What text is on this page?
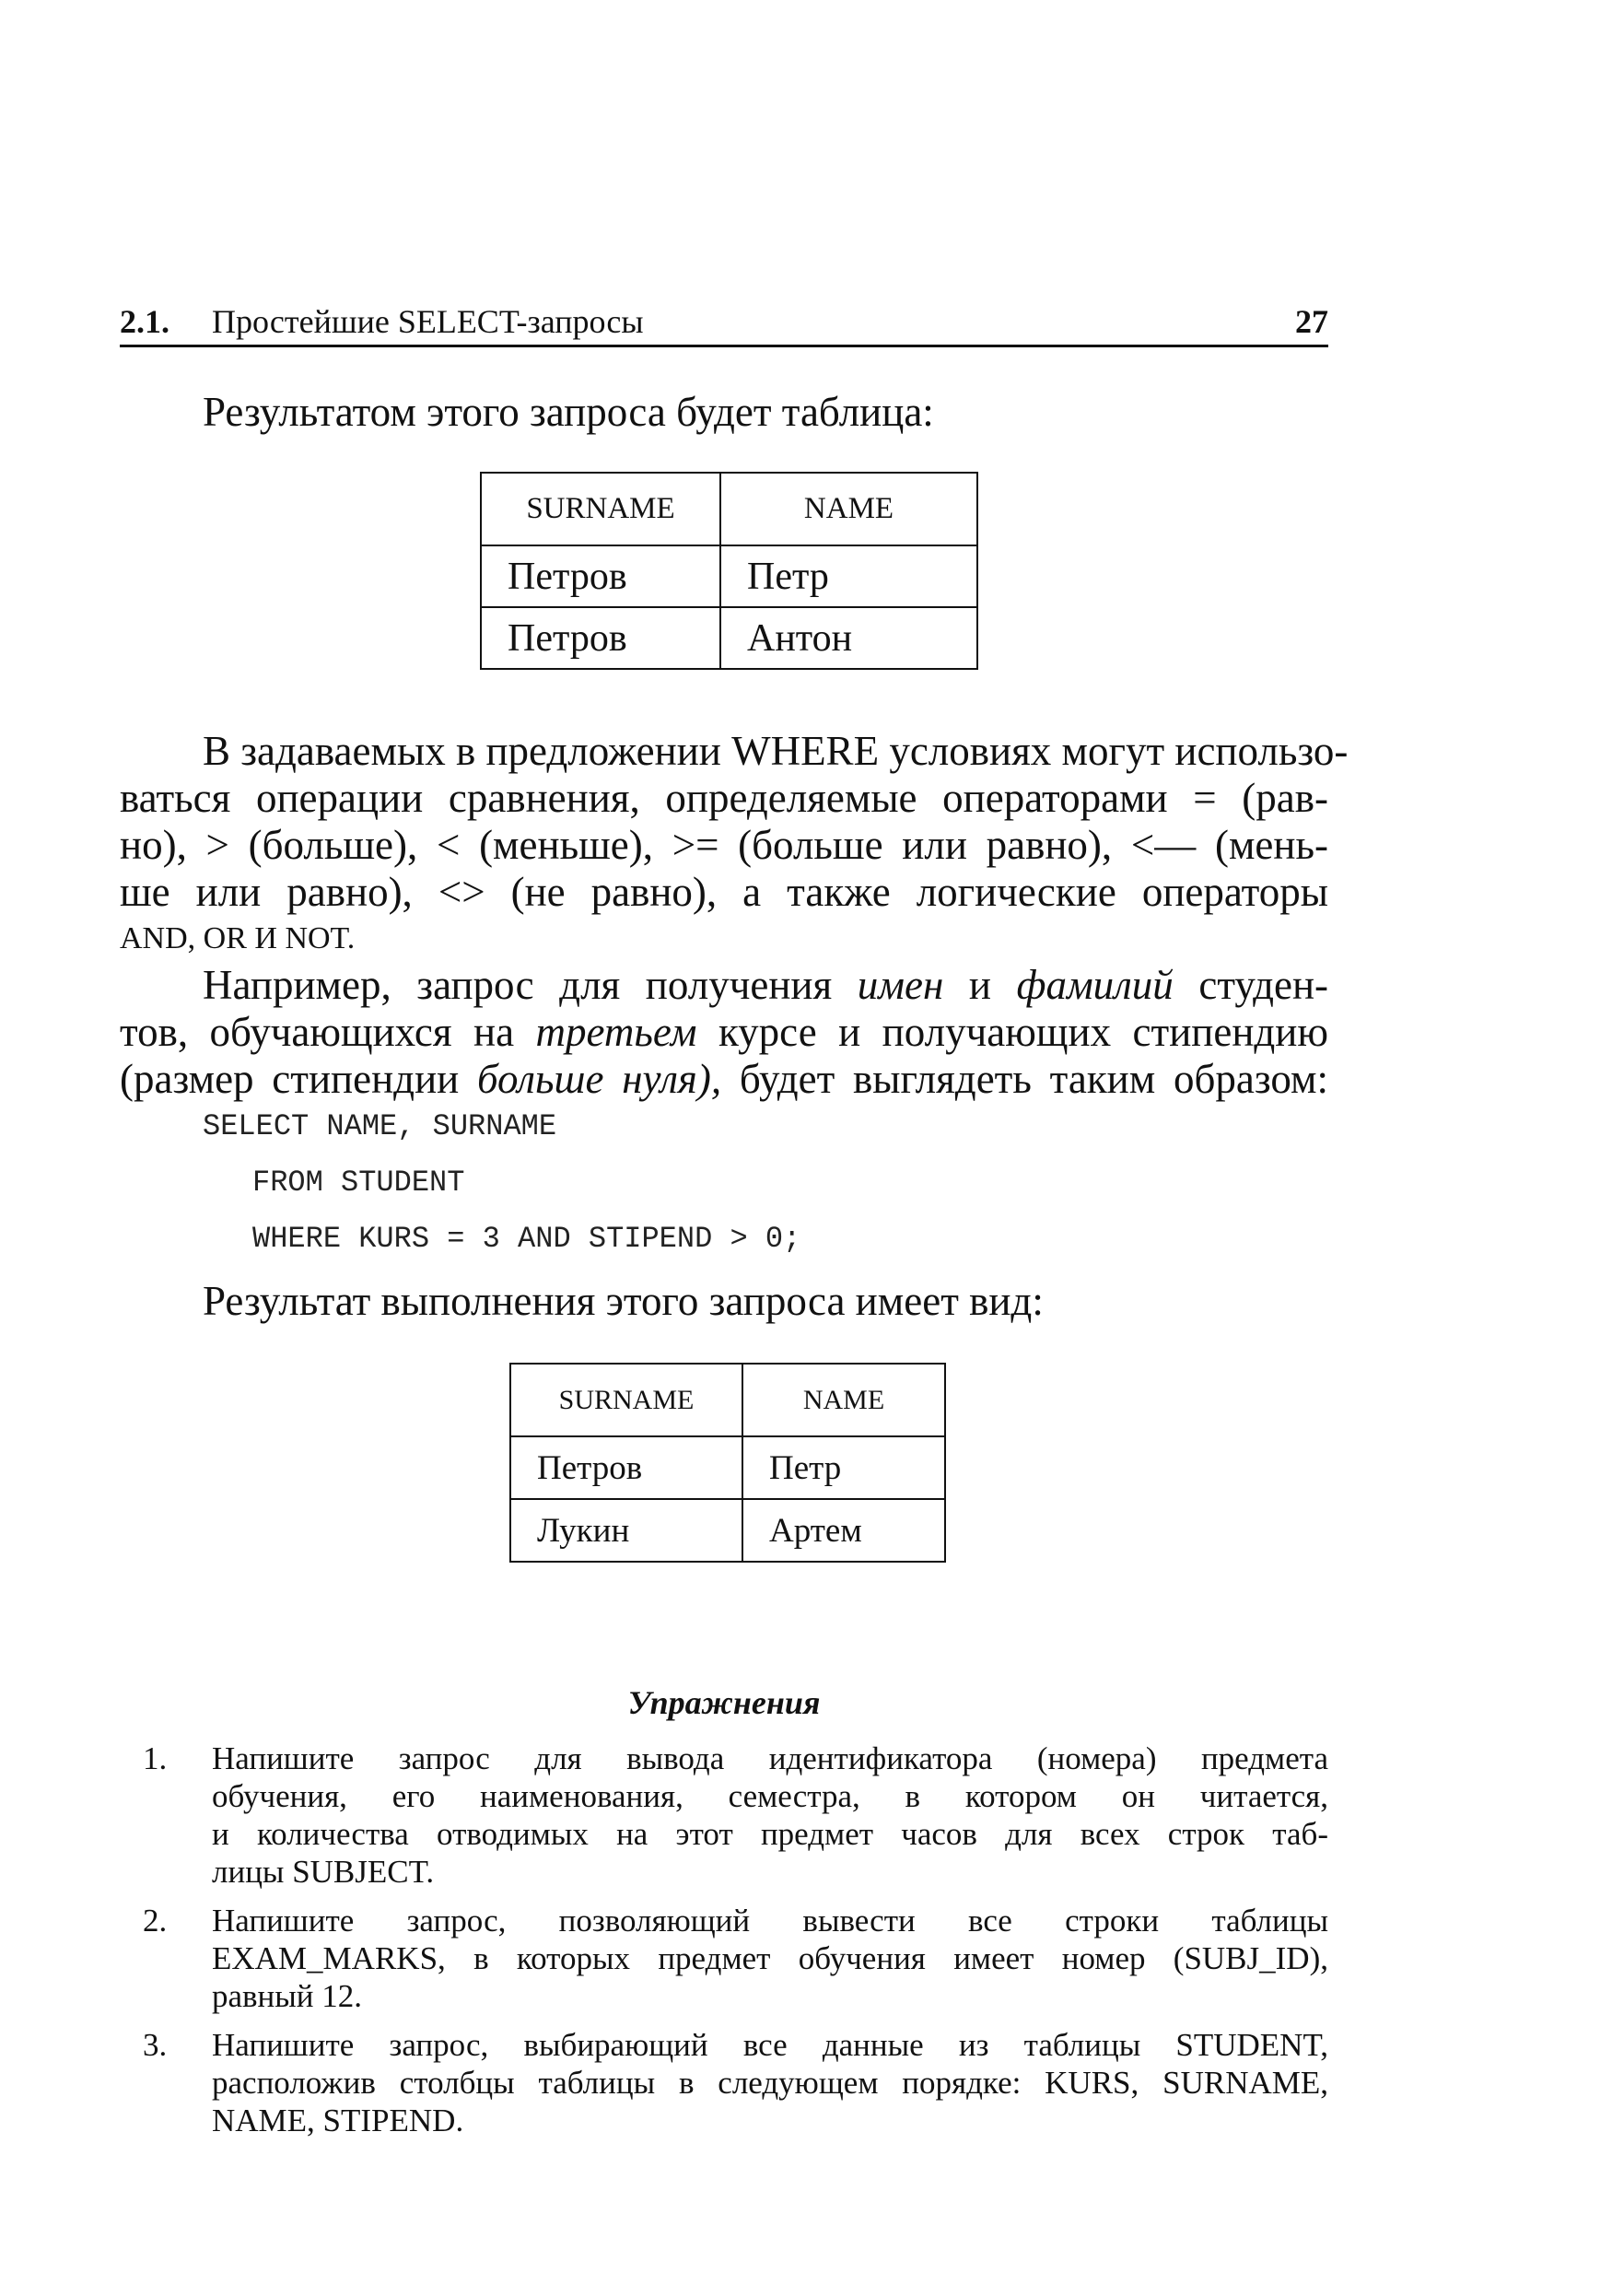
2.1. Простейшие SELECT-запросы	27
Результатом этого запроса будет таблица:
SURNAME	NAME
Петров	Петр
Петров	Антон
В задаваемых в предложении WHERE условиях могут использо-
ваться операции сравнения, определяемые операторами = (рав-
но), > (больше), < (меньше), >= (больше или равно), <— (мень-
ше или равно), <> (не равно), а также логические операторы
AND, OR И NOT.
Например, запрос для получения имен и фамилий студен-
тов, обучающихся на третьем курсе и получающих стипендию
(размер стипендии больше нуля), будет выглядеть таким образом:
SELECT NAME, SURNAME
FROM STUDENT
WHERE KURS = 3 AND STIPEND > 0;
Результат выполнения этого запроса имеет вид:
SURNAME	NAME
Петров	Петр
Лукин	Артем
Упражнения
1. Напишите запрос для вывода идентификатора (номера) предмета
обучения, его наименования, семестра, в котором он читается,
и количества отводимых на этот предмет часов для всех строк таб-
лицы SUBJECT.
2. Напишите запрос, позволяющий вывести все строки таблицы
EXAM_MARKS, в которых предмет обучения имеет номер (SUBJ_ID),
равный 12.
3. Напишите запрос, выбирающий все данные из таблицы STUDENT,
расположив столбцы таблицы в следующем порядке: KURS, SURNAME,
NAME, STIPEND.
